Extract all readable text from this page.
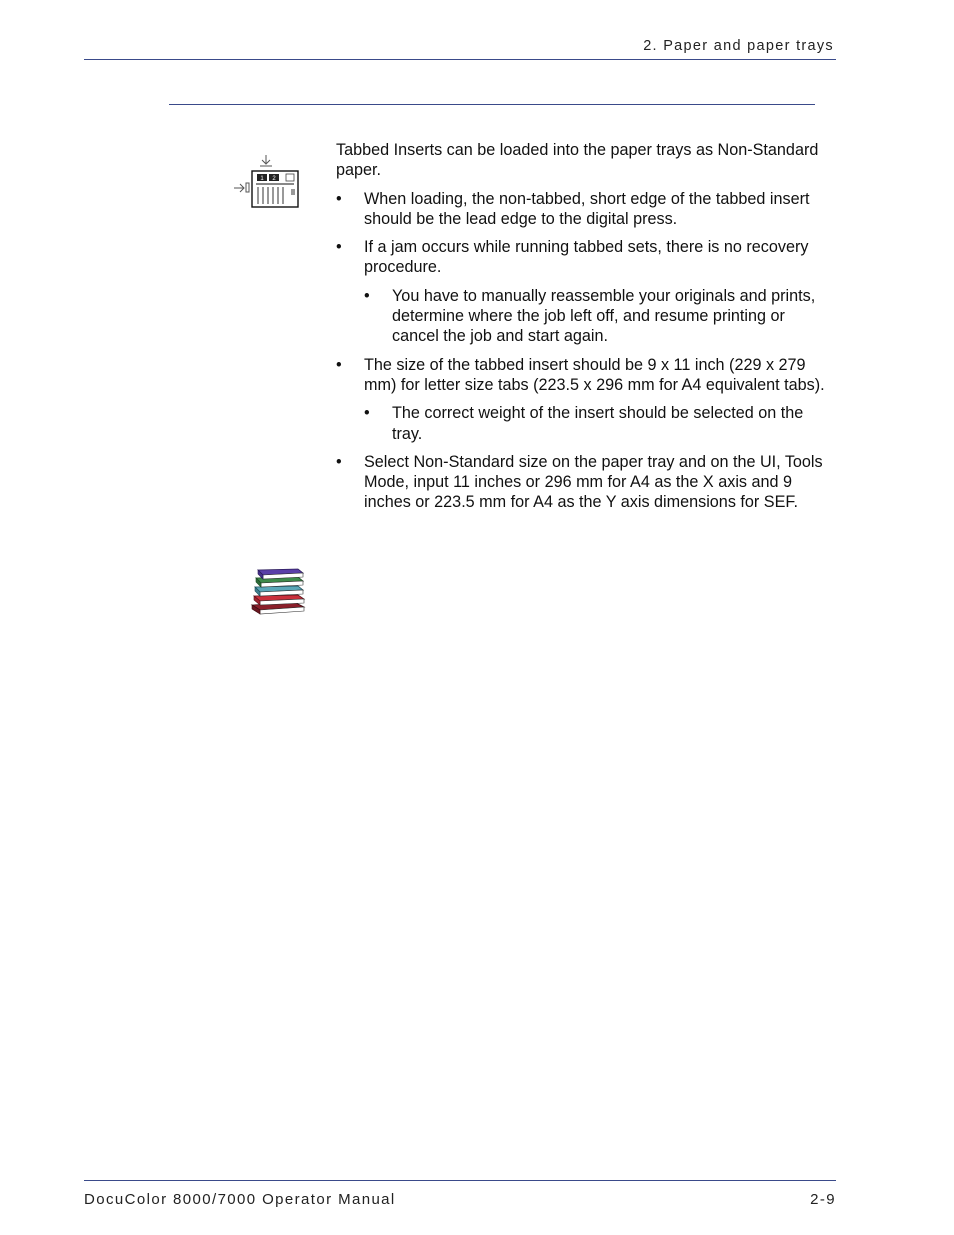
2. Paper and paper trays
1 2

Tabbed Inserts can be loaded into the paper trays as Non-Standard paper.

• When loading, the non-tabbed, short edge of the tabbed insert should be the lead edge to the digital press.
• If a jam occurs while running tabbed sets, there is no recovery procedure.
• You have to manually reassemble your originals and prints, determine where the job left off, and resume printing or cancel the job and start again.
• The size of the tabbed insert should be 9 x 11 inch (229 x 279 mm) for letter size tabs (223.5 x 296 mm for A4 equivalent tabs).
• The correct weight of the insert should be selected on the tray.
• Select Non-Standard size on the paper tray and on the UI, Tools Mode, input 11 inches or 296 mm for A4 as the X axis and 9 inches or 223.5 mm for A4 as the Y axis dimensions for SEF.
DocuColor 8000/7000 Operator Manual	2-9
